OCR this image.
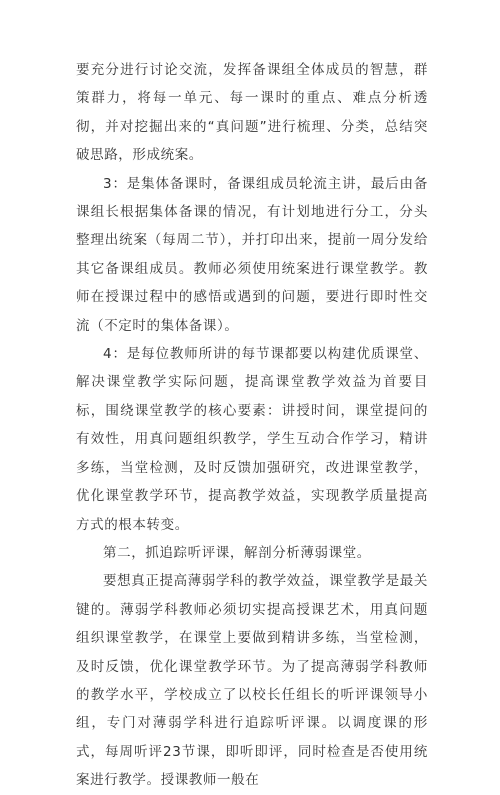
要充分进行讨论交流，发挥备课组全体成员的智慧，群策群力，将每一单元、每一课时的重点、难点分析透彻，并对挖掘出来的“真问题”进行梳理、分类，总结突破思路，形成统案。

3：是集体备课时，备课组成员轮流主讲，最后由备课组长根据集体备课的情况，有计划地进行分工，分头整理出统案（每周二节），并打印出来，提前一周分发给其它备课组成员。教师必须使用统案进行课堂教学。教师在授课过程中的感悟或遇到的问题，要进行即时性交流（不定时的集体备课）。

4：是每位教师所讲的每节课都要以构建优质课堂、解决课堂教学实际问题，提高课堂教学效益为首要目标，围绕课堂教学的核心要素：讲授时间，课堂提问的有效性，用真问题组织教学，学生互动合作学习，精讲多练，当堂检测，及时反馈加强研究，改进课堂教学，优化课堂教学环节，提高教学效益，实现教学质量提高方式的根本转变。

第二，抓追踪听评课，解剖分析薄弱课堂。

要想真正提高薄弱学科的教学效益，课堂教学是最关键的。薄弱学科教师必须切实提高授课艺术，用真问题组织课堂教学，在课堂上要做到精讲多练，当堂检测，及时反馈，优化课堂教学环节。为了提高薄弱学科教师的教学水平，学校成立了以校长任组长的听评课领导小组，专门对薄弱学科进行追踪听评课。以调度课的形式，每周听评23节课，即听即评，同时检查是否使用统案进行教学。授课教师一般在
